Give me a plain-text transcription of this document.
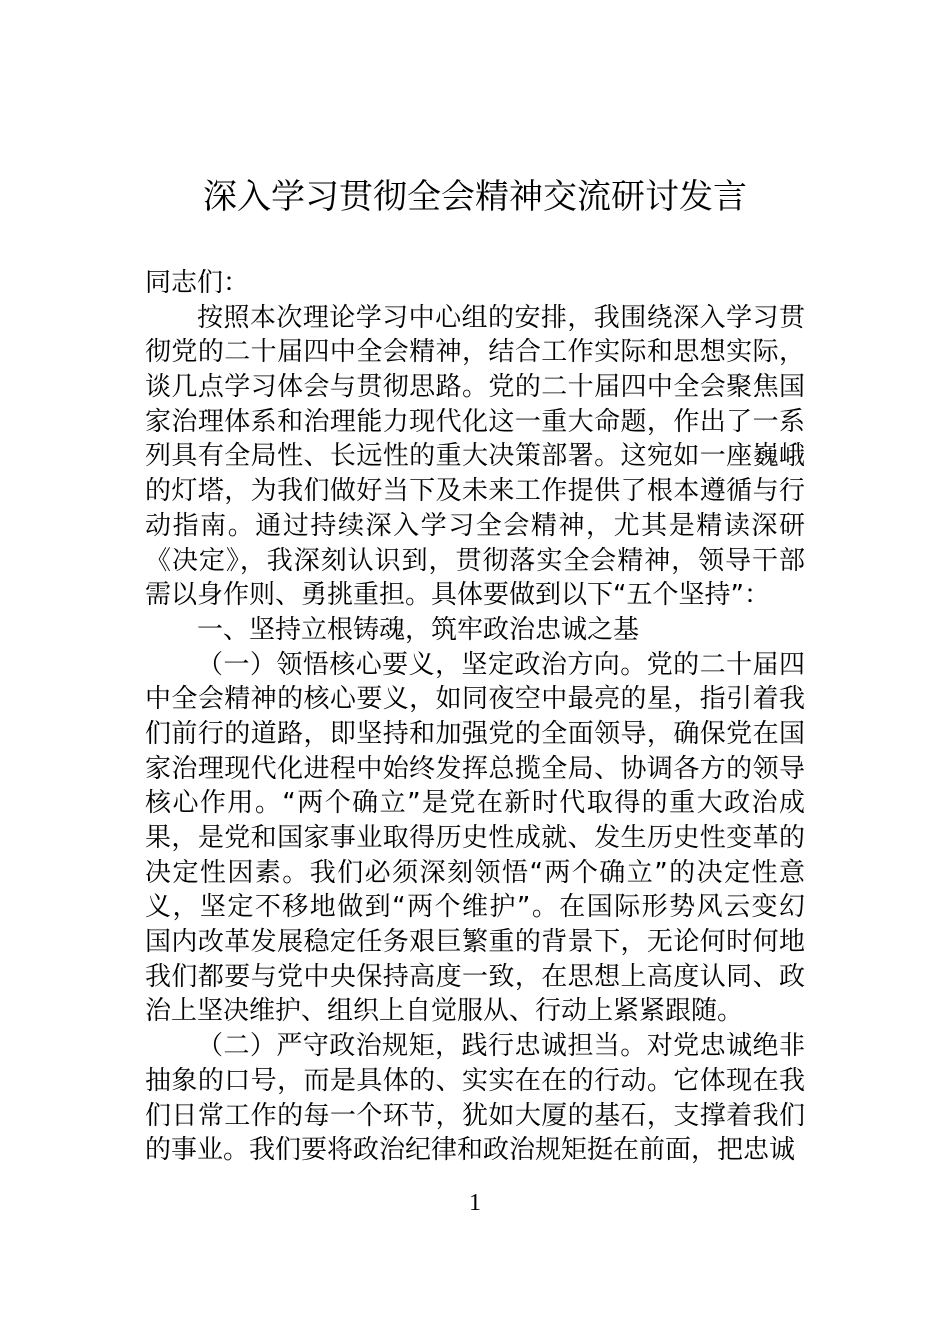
深入学习贯彻全会精神交流研讨发言
同志们：
按照本次理论学习中心组的安排，我围绕深入学习贯
彻党的二十届四中全会精神，结合工作实际和思想实际，
谈几点学习体会与贯彻思路。党的二十届四中全会聚焦国
家治理体系和治理能力现代化这一重大命题，作出了一系
列具有全局性、长远性的重大决策部署。这宛如一座巍峨
的灯塔，为我们做好当下及未来工作提供了根本遵循与行
动指南。通过持续深入学习全会精神，尤其是精读深研
《决定》，我深刻认识到，贯彻落实全会精神，领导干部
需以身作则、勇挑重担。具体要做到以下“五个坚持”：
一、坚持立根铸魂，筑牢政治忠诚之基
（一）领悟核心要义，坚定政治方向。党的二十届四
中全会精神的核心要义，如同夜空中最亮的星，指引着我
们前行的道路，即坚持和加强党的全面领导，确保党在国
家治理现代化进程中始终发挥总揽全局、协调各方的领导
核心作用。“两个确立”是党在新时代取得的重大政治成
果，是党和国家事业取得历史性成就、发生历史性变革的
决定性因素。我们必须深刻领悟“两个确立”的决定性意
义，坚定不移地做到“两个维护”。在国际形势风云变幻
国内改革发展稳定任务艰巨繁重的背景下，无论何时何地
我们都要与党中央保持高度一致，在思想上高度认同、政
治上坚决维护、组织上自觉服从、行动上紧紧跟随。
（二）严守政治规矩，践行忠诚担当。对党忠诚绝非
抽象的口号，而是具体的、实实在在的行动。它体现在我
们日常工作的每一个环节，犹如大厦的基石，支撑着我们
的事业。我们要将政治纪律和政治规矩挺在前面，把忠诚
1
